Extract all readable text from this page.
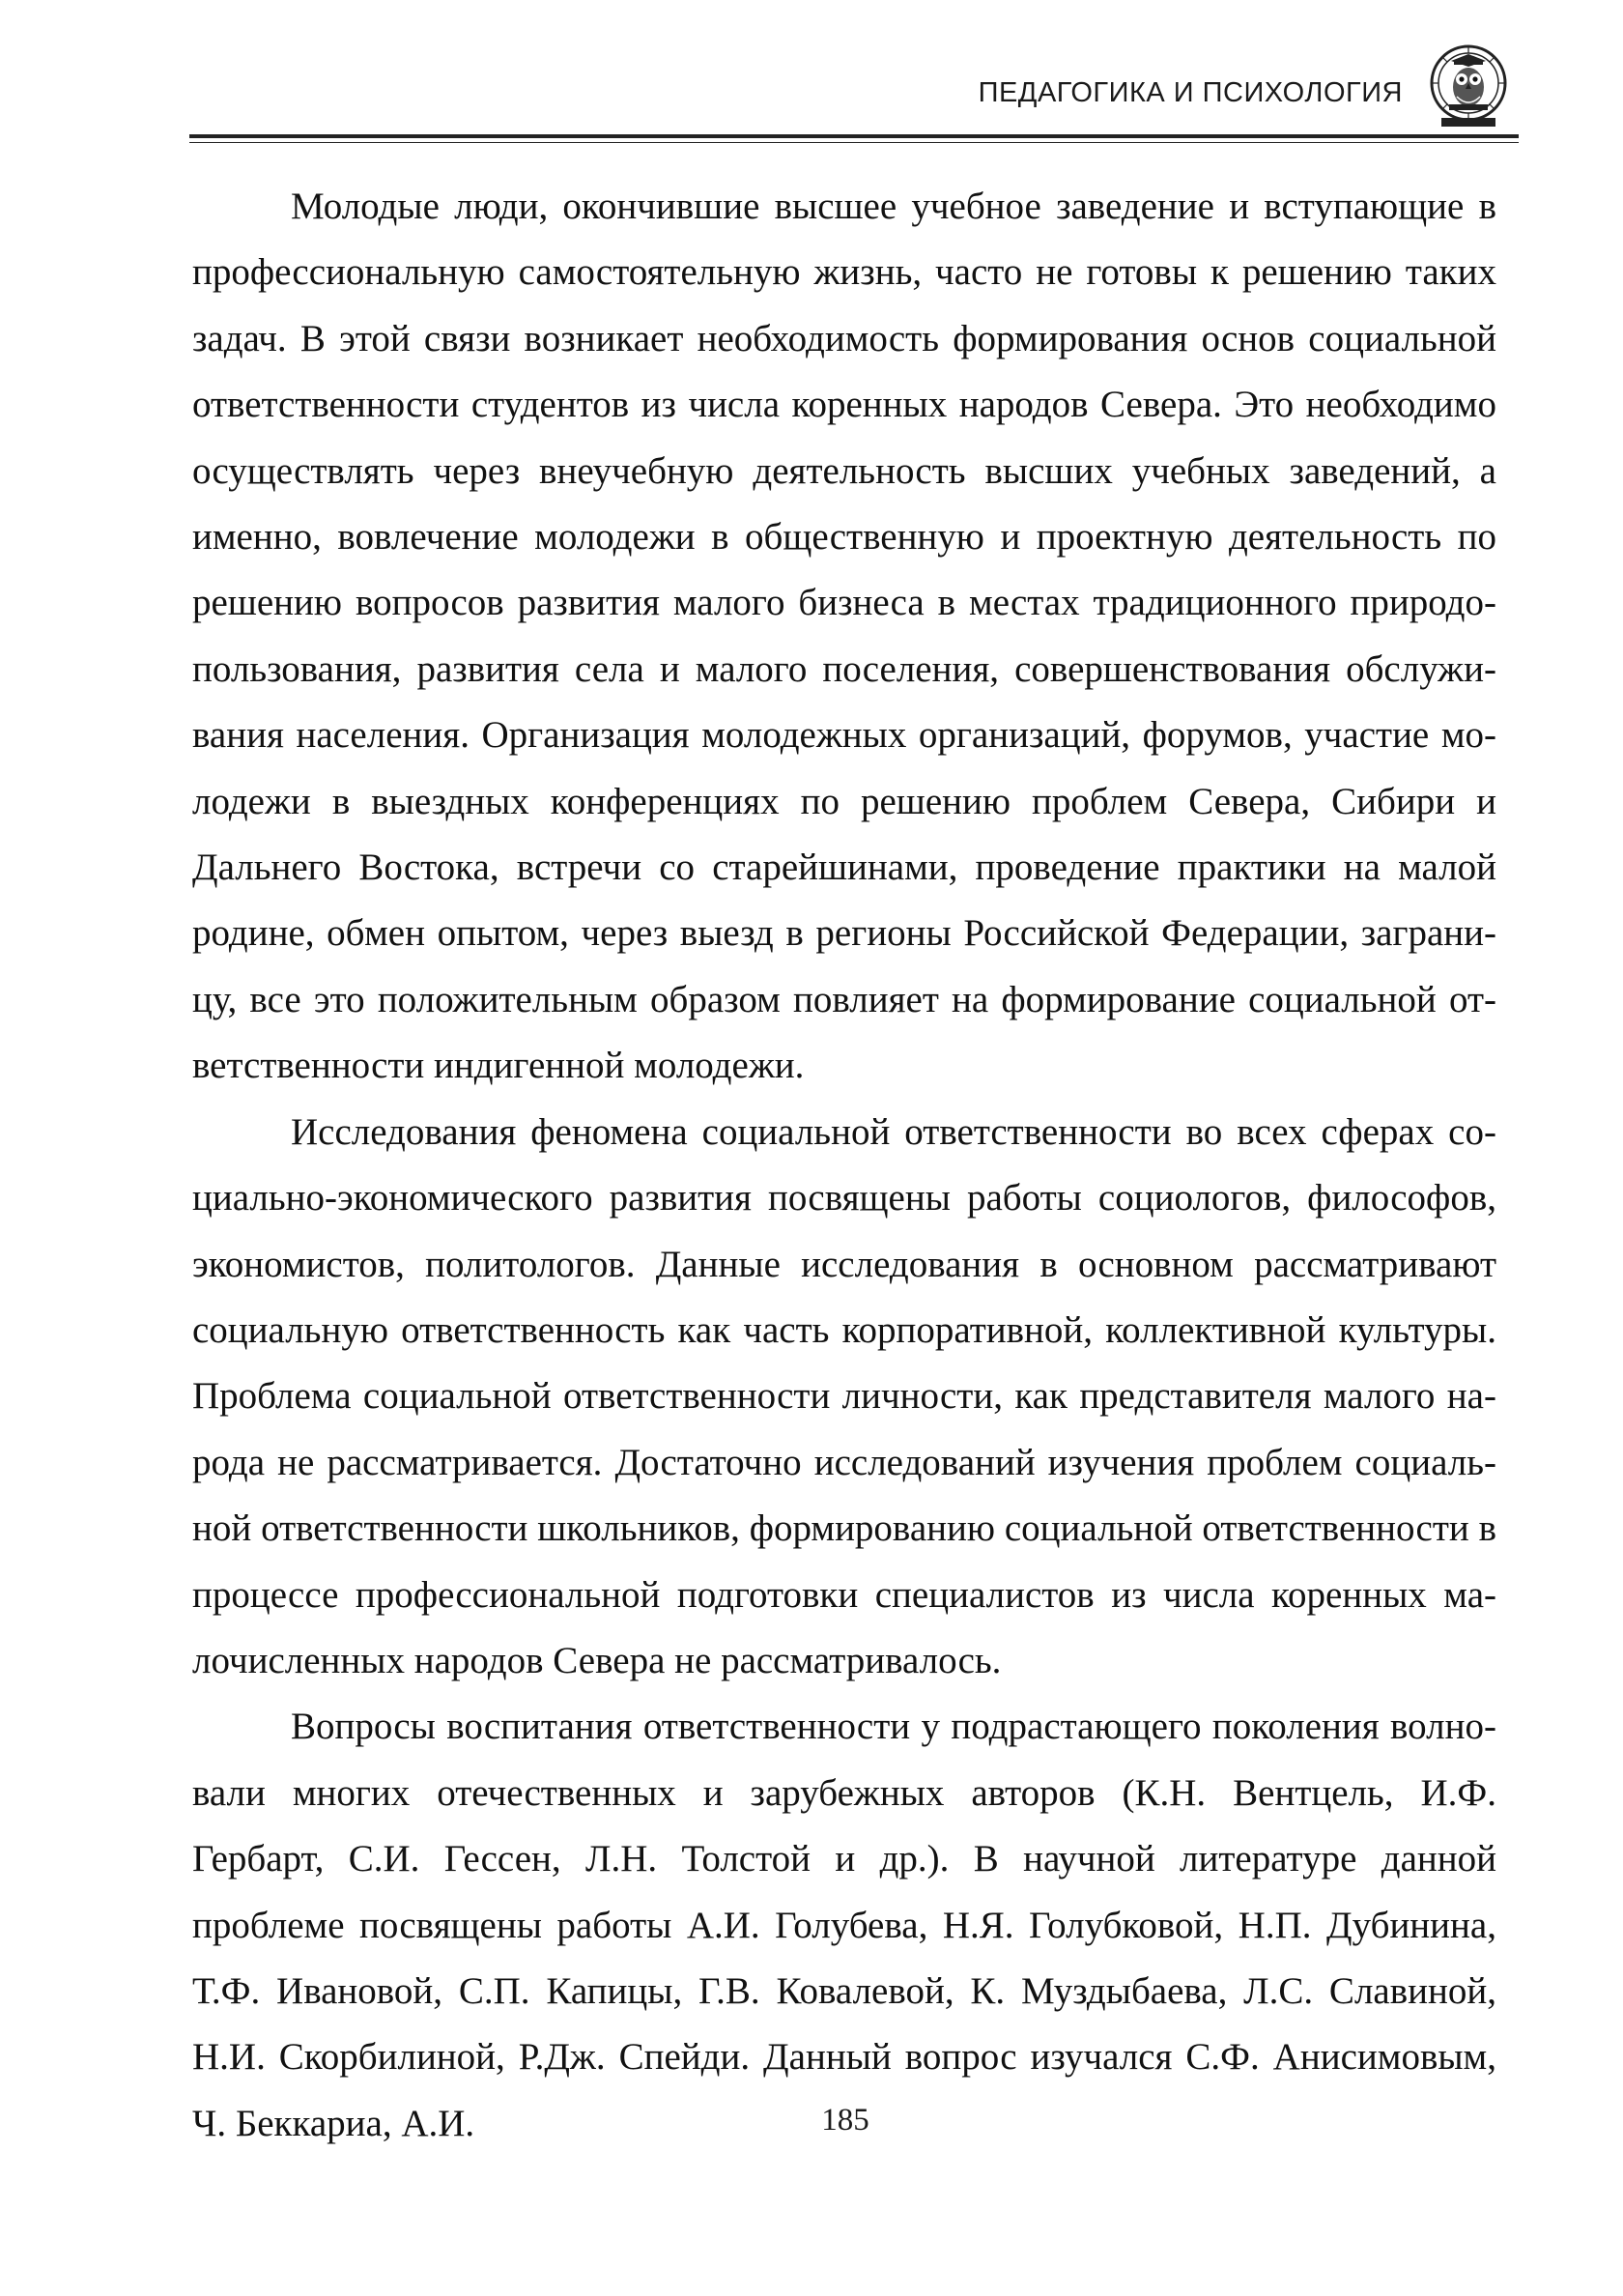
ПЕДАГОГИКА И ПСИХОЛОГИЯ

Молодые люди, окончившие высшее учебное заведение и вступающие в профессиональную самостоятельную жизнь, часто не готовы к решению таких задач. В этой связи возникает необходимость формирования основ социальной ответственности студентов из числа коренных народов Севера. Это необходимо осуществлять через внеучебную деятельность высших учебных заведений, а именно, вовлечение молодежи в общественную и проектную деятельность по решению вопросов развития малого бизнеса в местах традиционного природопользования, развития села и малого поселения, совершенствования обслуживания населения. Организация молодежных организаций, форумов, участие молодежи в выездных конференциях по решению проблем Севера, Сибири и Дальнего Востока, встречи со старейшинами, проведение практики на малой родине, обмен опытом, через выезд в регионы Российской Федерации, заграницу, все это положительным образом повлияет на формирование социальной ответственности индигенной молодежи.

Исследования феномена социальной ответственности во всех сферах социально-экономического развития посвящены работы социологов, философов, экономистов, политологов. Данные исследования в основном рассматривают социальную ответственность как часть корпоративной, коллективной культуры. Проблема социальной ответственности личности, как представителя малого народа не рассматривается. Достаточно исследований изучения проблем социальной ответственности школьников, формированию социальной ответственности в процессе профессиональной подготовки специалистов из числа коренных малочисленных народов Севера не рассматривалось.

Вопросы воспитания ответственности у подрастающего поколения волновали многих отечественных и зарубежных авторов (К.Н. Вентцель, И.Ф. Гербарт, С.И. Гессен, Л.Н. Толстой и др.). В научной литературе данной проблеме посвящены работы А.И. Голубева, Н.Я. Голубковой, Н.П. Дубинина, Т.Ф. Ивановой, С.П. Капицы, Г.В. Ковалевой, К. Муздыбаева, Л.С. Славиной, Н.И. Скорбилиной, Р.Дж. Спейди. Данный вопрос изучался С.Ф. Анисимовым, Ч. Беккариа, А.И.	185
